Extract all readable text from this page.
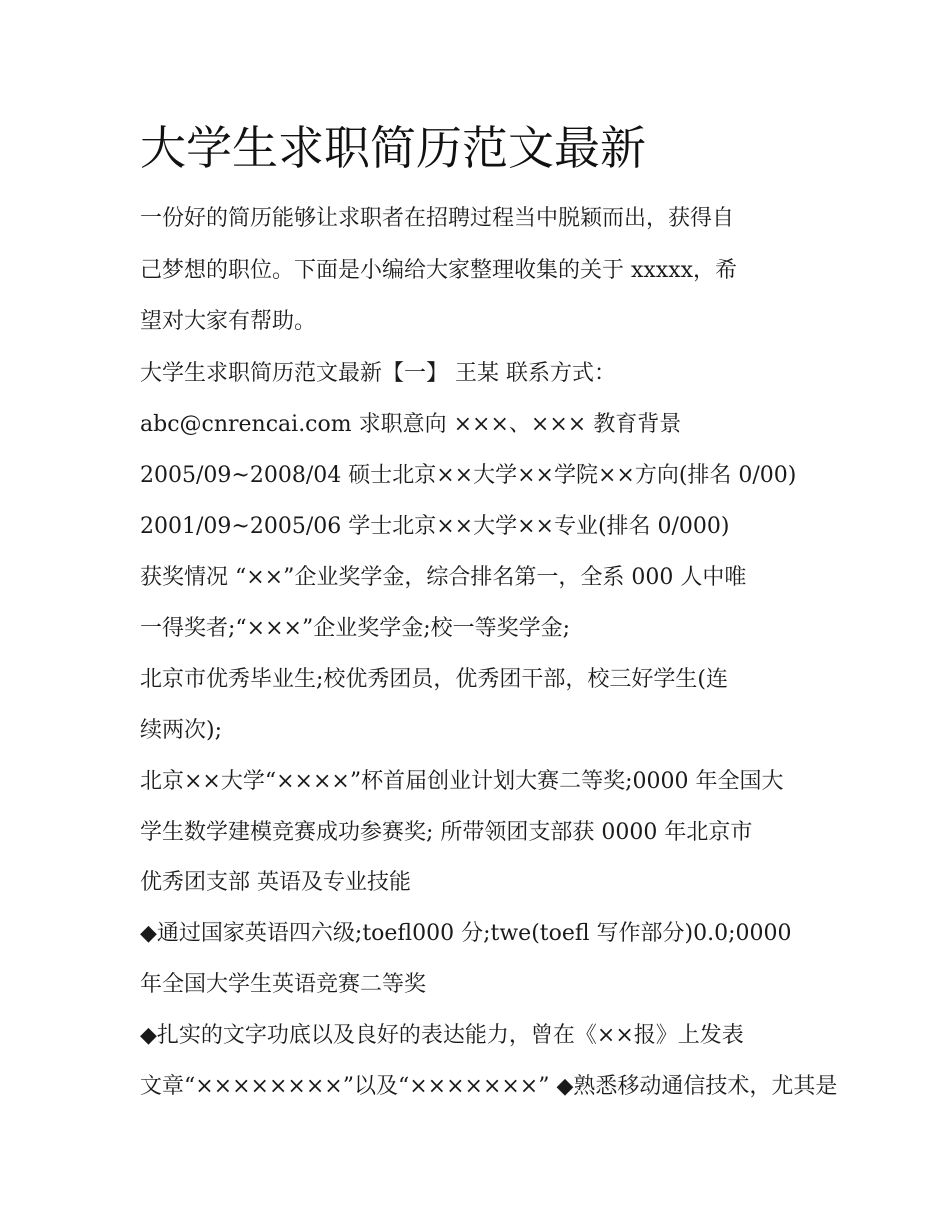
大学生求职简历范文最新

一份好的简历能够让求职者在招聘过程当中脱颖而出，获得自

己梦想的职位。下面是小编给大家整理收集的关于 xxxxx，希

望对大家有帮助。

大学生求职简历范文最新【一】 王某 联系方式：

abc@cnrencai.com 求职意向 ×××、××× 教育背景

2005/09~2008/04 硕士北京××大学××学院××方向(排名 0/00)

2001/09~2005/06 学士北京××大学××专业(排名 0/000)

获奖情况 “××”企业奖学金，综合排名第一，全系 000 人中唯

一得奖者;“×××”企业奖学金;校一等奖学金;

北京市优秀毕业生;校优秀团员，优秀团干部，校三好学生(连

续两次);

北京××大学“××××”杯首届创业计划大赛二等奖;0000 年全国大

学生数学建模竞赛成功参赛奖; 所带领团支部获 0000 年北京市

优秀团支部 英语及专业技能

◆通过国家英语四六级;toefl000 分;twe(toefl 写作部分)0.0;0000

年全国大学生英语竞赛二等奖

◆扎实的文字功底以及良好的表达能力，曾在《××报》上发表

文章“××××××××”以及“×××××××” ◆熟悉移动通信技术，尤其是
